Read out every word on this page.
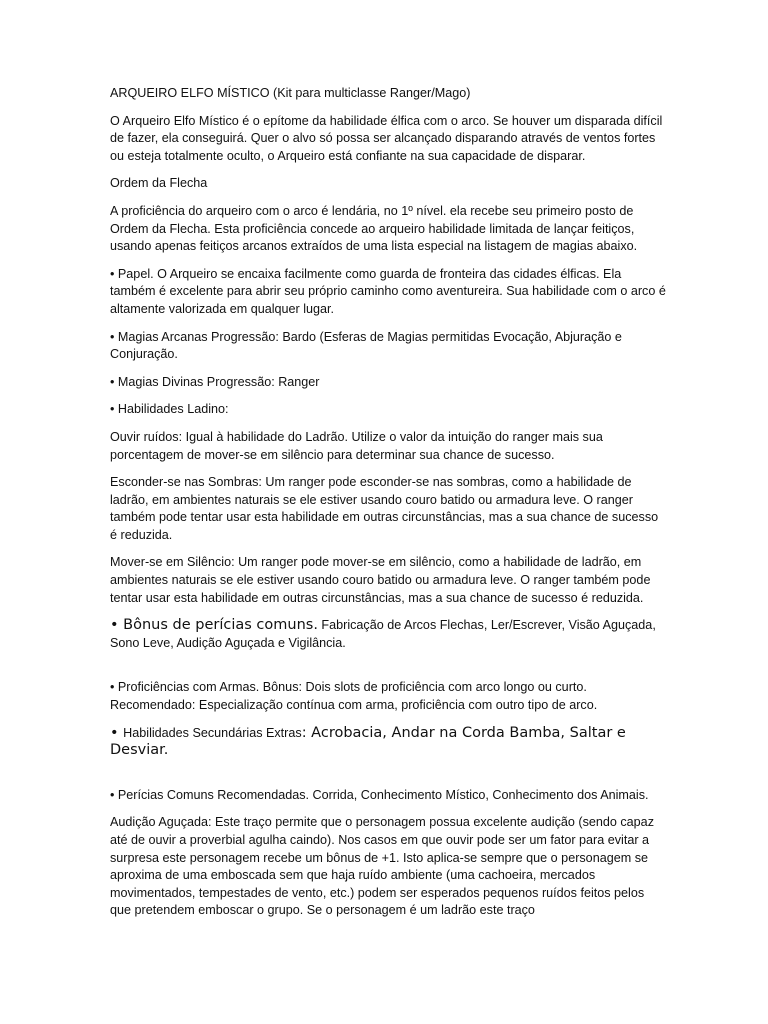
ARQUEIRO ELFO MÍSTICO (Kit para multiclasse Ranger/Mago)

O Arqueiro Elfo Místico é o epítome da habilidade élfica com o arco. Se houver um disparada difícil de fazer, ela conseguirá. Quer o alvo só possa ser alcançado disparando através de ventos fortes ou esteja totalmente oculto, o Arqueiro está confiante na sua capacidade de disparar.

Ordem da Flecha

A proficiência do arqueiro com o arco é lendária, no 1º nível. ela recebe seu primeiro posto de Ordem da Flecha. Esta proficiência concede ao arqueiro habilidade limitada de lançar feitiços, usando apenas feitiços arcanos extraídos de uma lista especial na listagem de magias abaixo.

• Papel. O Arqueiro se encaixa facilmente como guarda de fronteira das cidades élficas. Ela também é excelente para abrir seu próprio caminho como aventureira. Sua habilidade com o arco é altamente valorizada em qualquer lugar.

• Magias Arcanas Progressão: Bardo (Esferas de Magias permitidas Evocação, Abjuração e Conjuração.

• Magias Divinas Progressão: Ranger

• Habilidades Ladino:

Ouvir ruídos: Igual à habilidade do Ladrão. Utilize o valor da intuição do ranger mais sua porcentagem de mover-se em silêncio para determinar sua chance de sucesso.

Esconder-se nas Sombras: Um ranger pode esconder-se nas sombras, como a habilidade de ladrão, em ambientes naturais se ele estiver usando couro batido ou armadura leve. O ranger também pode tentar usar esta habilidade em outras circunstâncias, mas a sua chance de sucesso é reduzida.

Mover-se em Silêncio: Um ranger pode mover-se em silêncio, como a habilidade de ladrão, em ambientes naturais se ele estiver usando couro batido ou armadura leve. O ranger também pode tentar usar esta habilidade em outras circunstâncias, mas a sua chance de sucesso é reduzida.

• Bônus de perícias comuns. Fabricação de Arcos Flechas, Ler/Escrever, Visão Aguçada, Sono Leve, Audição Aguçada e Vigilância.

• Proficiências com Armas. Bônus: Dois slots de proficiência com arco longo ou curto. Recomendado: Especialização contínua com arma, proficiência com outro tipo de arco.

• Habilidades Secundárias Extras: Acrobacia, Andar na Corda Bamba, Saltar e Desviar.

• Perícias Comuns Recomendadas. Corrida, Conhecimento Místico, Conhecimento dos Animais.

Audição Aguçada: Este traço permite que o personagem possua excelente audição (sendo capaz até de ouvir a proverbial agulha caindo). Nos casos em que ouvir pode ser um fator para evitar a surpresa este personagem recebe um bônus de +1. Isto aplica-se sempre que o personagem se aproxima de uma emboscada sem que haja ruído ambiente (uma cachoeira, mercados movimentados, tempestades de vento, etc.) podem ser esperados pequenos ruídos feitos pelos que pretendem emboscar o grupo. Se o personagem é um ladrão este traço
